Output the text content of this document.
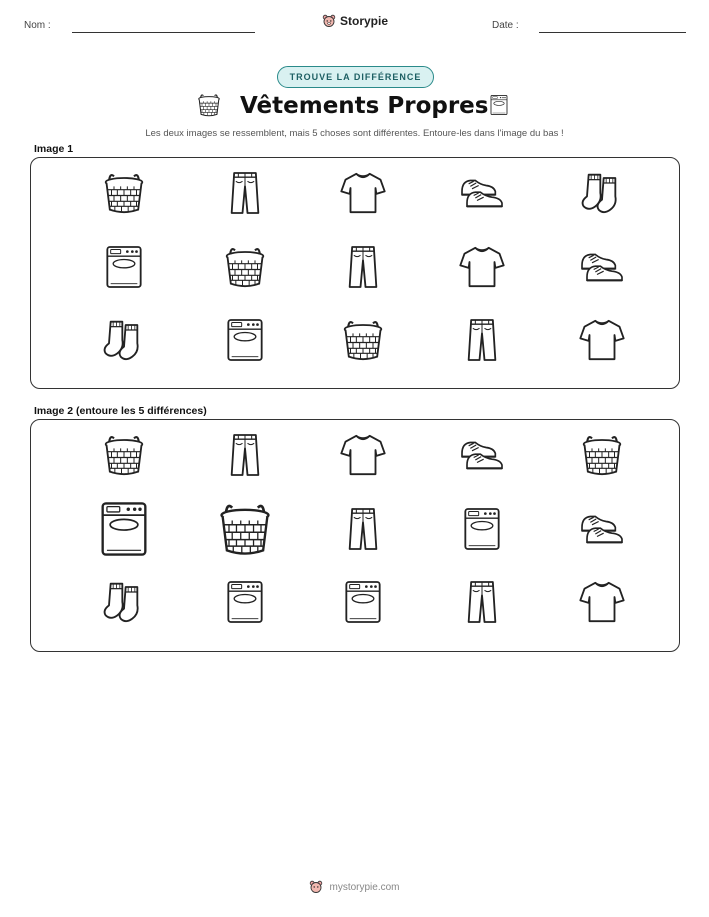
Nom :	Storypie	Date :
TROUVE LA DIFFÉRENCE
Vêtements Propres
Les deux images se ressemblent, mais 5 choses sont différentes. Entoure-les dans l'image du bas !
Image 1
Image 2 (entoure les 5 différences)
mystorypie.com
